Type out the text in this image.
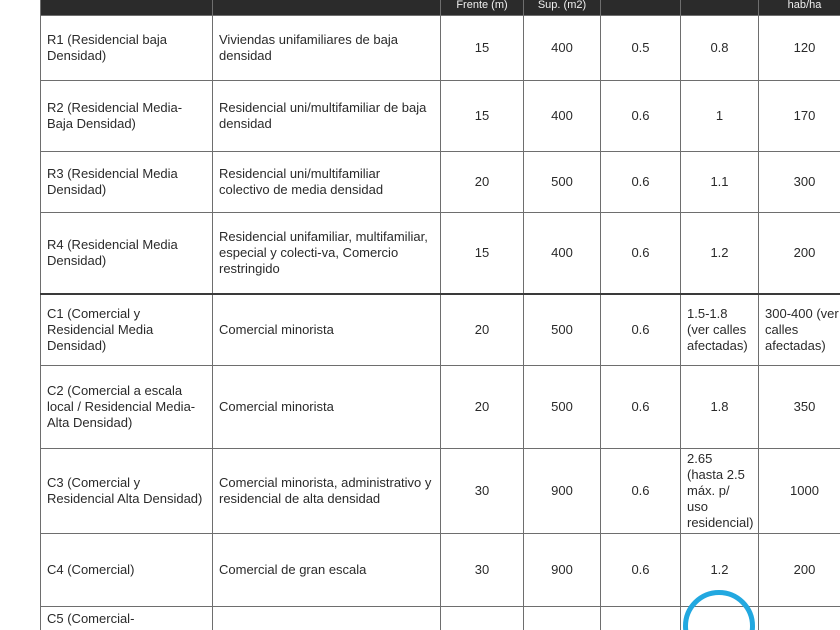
		Frente (m)	Sup. (m2)			hab/ha
R1 (Residencial baja Densidad)	Viviendas unifamiliares de baja densidad	15	400	0.5	0.8	120
R2 (Residencial Media-Baja Densidad)	Residencial uni/multifamiliar de baja densidad	15	400	0.6	1	170
R3 (Residencial Media Densidad)	Residencial uni/multifamiliar colectivo de media densidad	20	500	0.6	1.1	300
R4 (Residencial Media Densidad)	Residencial unifamiliar, multifamiliar, especial y colecti-va, Comercio restringido	15	400	0.6	1.2	200
C1 (Comercial y Residencial Media Densidad)	Comercial minorista	20	500	0.6	1.5-1.8 (ver calles afectadas)	300-400 (ver calles afectadas)
C2 (Comercial a escala local / Residencial Media-Alta Densidad)	Comercial minorista	20	500	0.6	1.8	350
C3 (Comercial y Residencial Alta Densidad)	Comercial minorista, administrativo y residencial de alta densidad	30	900	0.6	2.65 (hasta 2.5 máx. p/ uso residencial)	1000
C4 (Comercial)	Comercial de gran escala	30	900	0.6	1.2	200
C5 (Comercial-						
